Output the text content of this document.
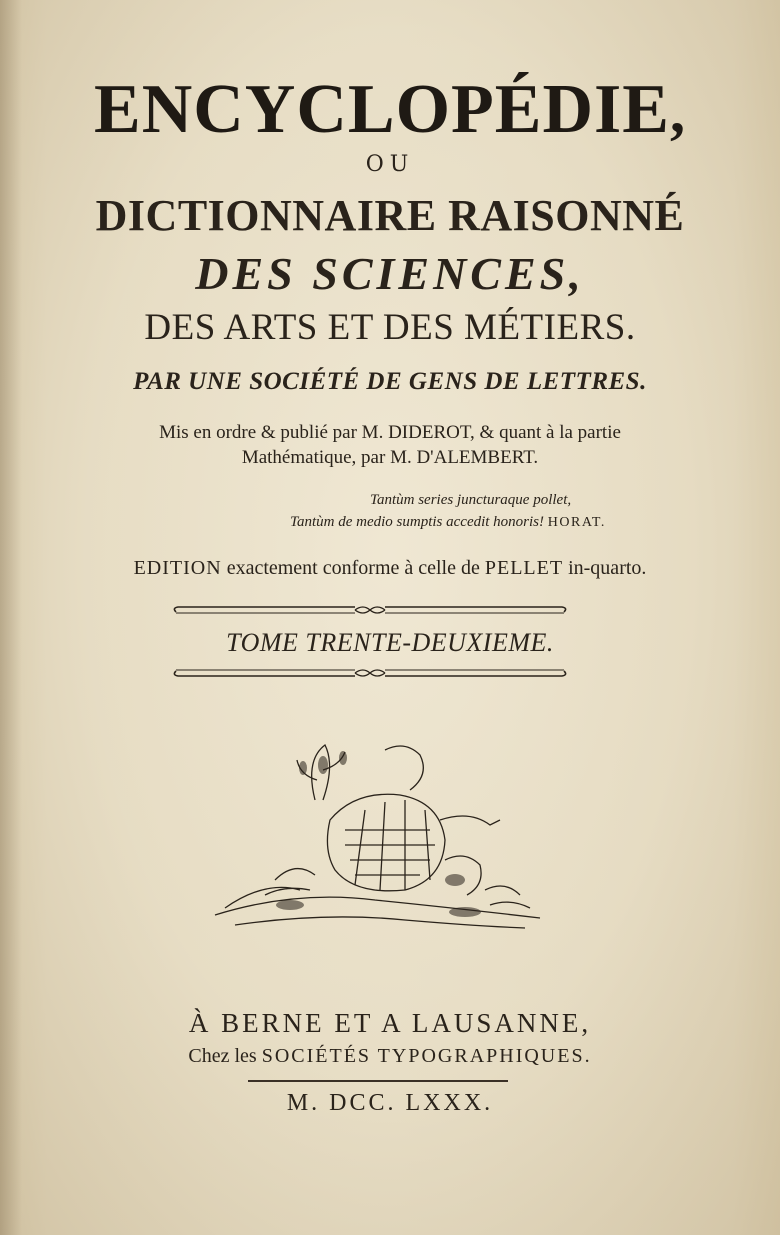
ENCYCLOPÉDIE,
OU
DICTIONNAIRE RAISONNÉ
DES SCIENCES,
DES ARTS ET DES MÉTIERS.
PAR UNE SOCIÉTÉ DE GENS DE LETTRES.
Mis en ordre & publié par M. DIDEROT, & quant à la partie
Mathématique, par M. D'ALEMBERT.
Tantùm series juncturaque pollet,
Tantùm de medio sumptis accedit honoris! HORAT.
EDITION exactement conforme à celle de PELLET in-quarto.
TOME TRENTE-DEUXIEME.
À BERNE ET A LAUSANNE,
Chez les SOCIÉTÉS TYPOGRAPHIQUES.
M. DCC. LXXX.
